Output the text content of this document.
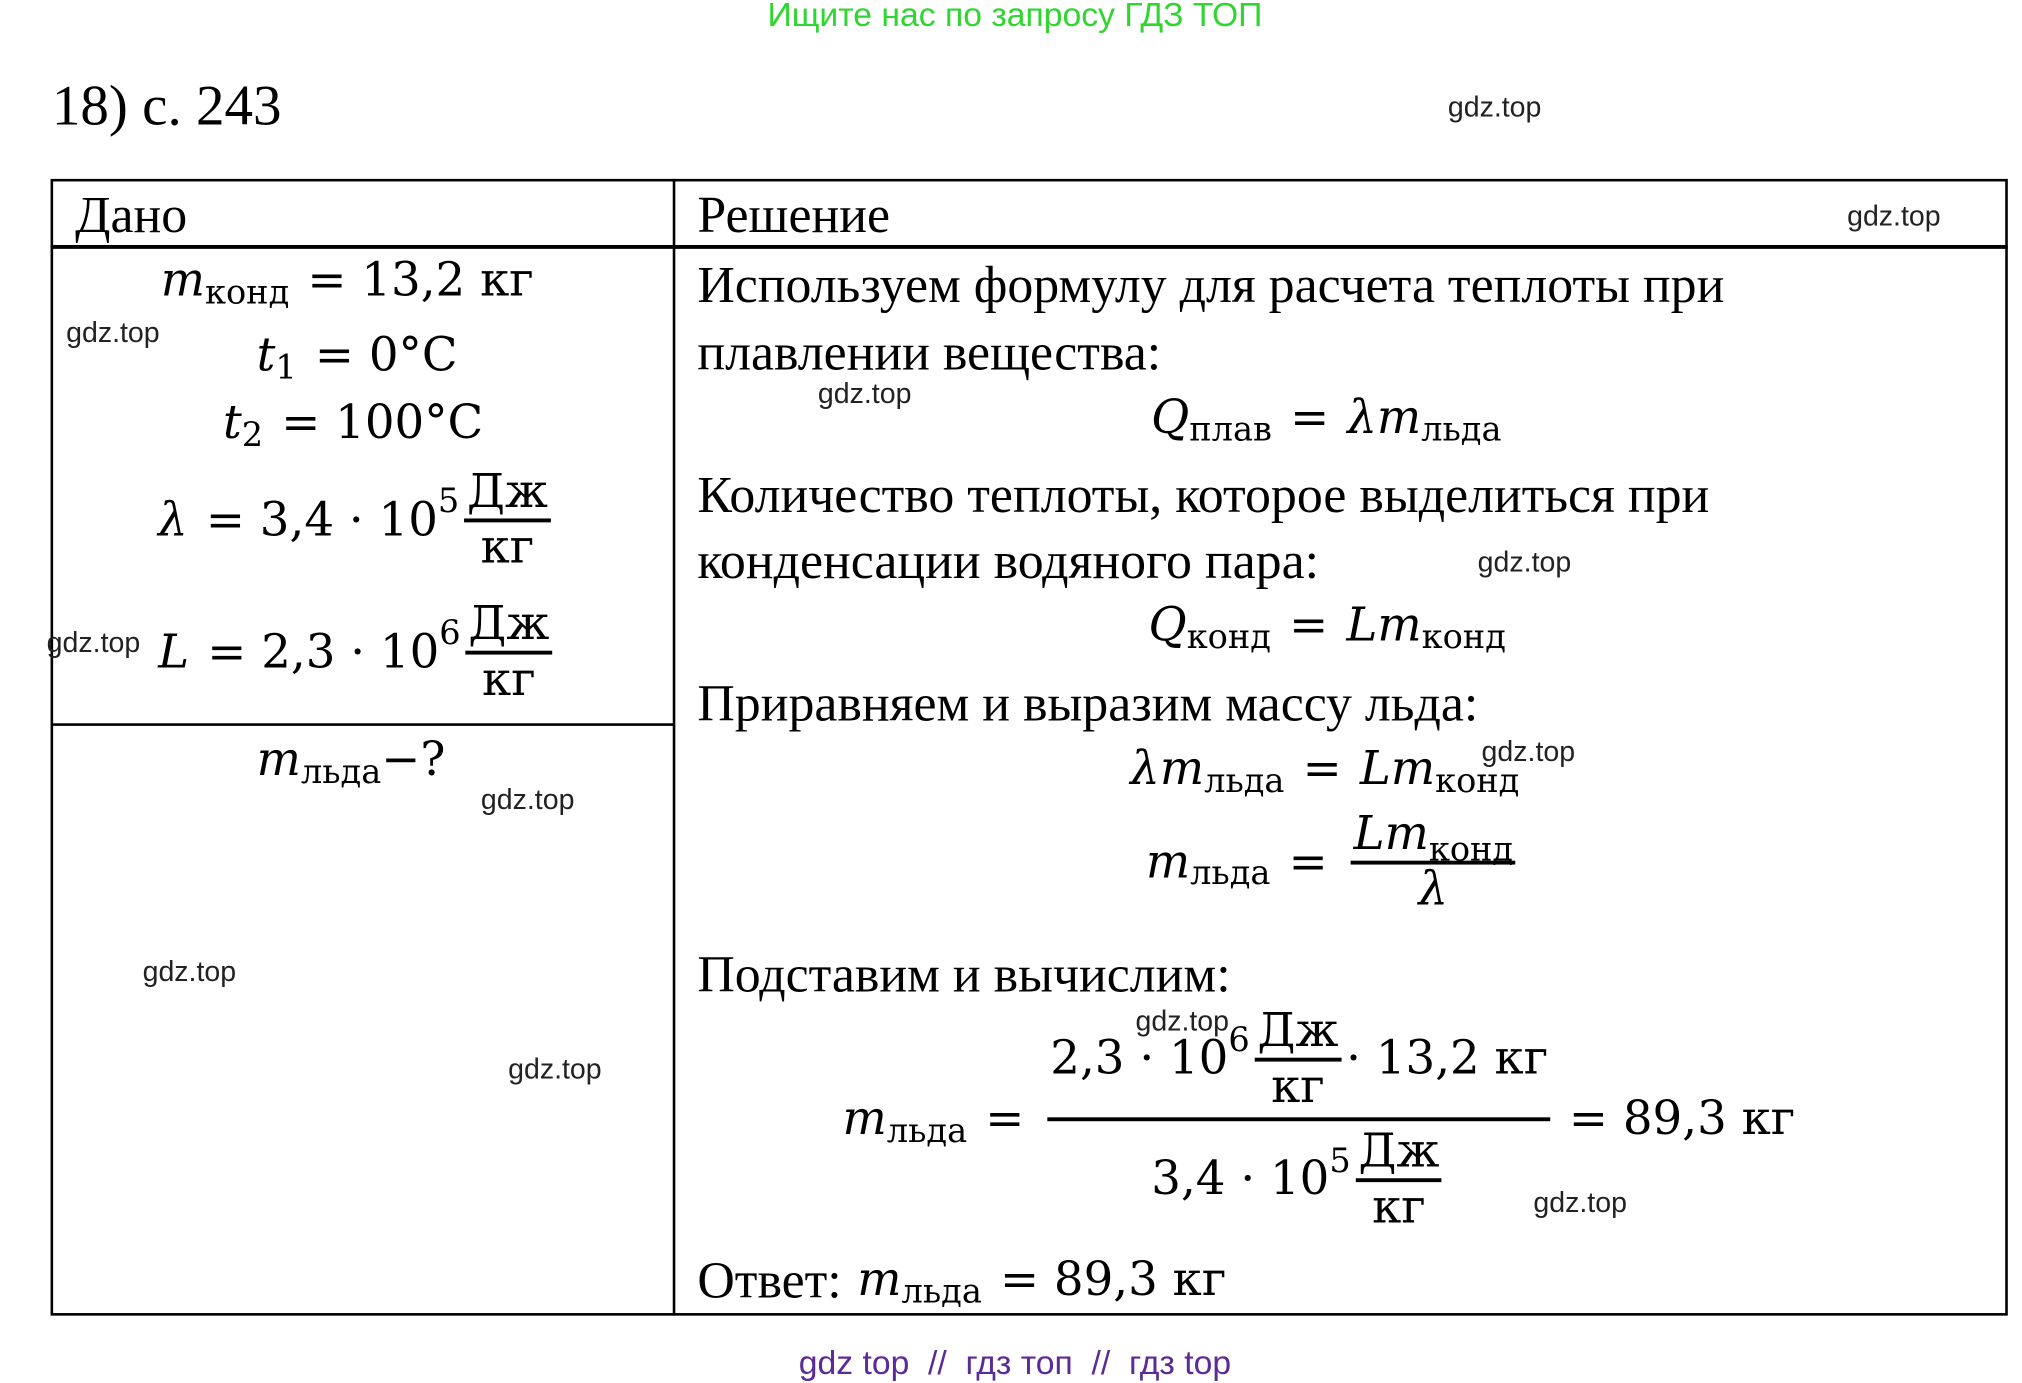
Ищите нас по запросу ГДЗ ТОП
18) с. 243
Дано	Решение
m конд = 13,2 кг
t 1 = 0°C
t 2 = 100°C
λ = 3,4 · 10 $5 \frac{Дж}{кг}$
L = 2,3 · 10 $6 \frac{Дж}{кг}$
m льда −?
Используем формулу для расчета теплоты при
плавлении вещества:
Q плав = λm льда
Количество теплоты, которое выделиться при
конденсации водяного пара:
Q конд = Lm конд
Приравняем и выразим массу льда:
λm льда = Lm конд
m льда = $\frac{Lm_{конд}}{\lambda}$
Подставим и вычислим:
m льда = $\frac{2,3 \cdot 10 6 \frac{Дж}{кг} \cdot 13,2 кг}{3,4 \cdot 10 5 \frac{Дж}{кг}} = 89,3$ кг
Ответ: m льда = 89,3 кг
gdz.top
gdz.top
gdz.top
gdz.top
gdz.top
gdz.top
gdz.top
gdz.top
gdz.top
gdz.top
gdz.top
gdz.top
gdz top  //  гдз топ  //  гдз top
